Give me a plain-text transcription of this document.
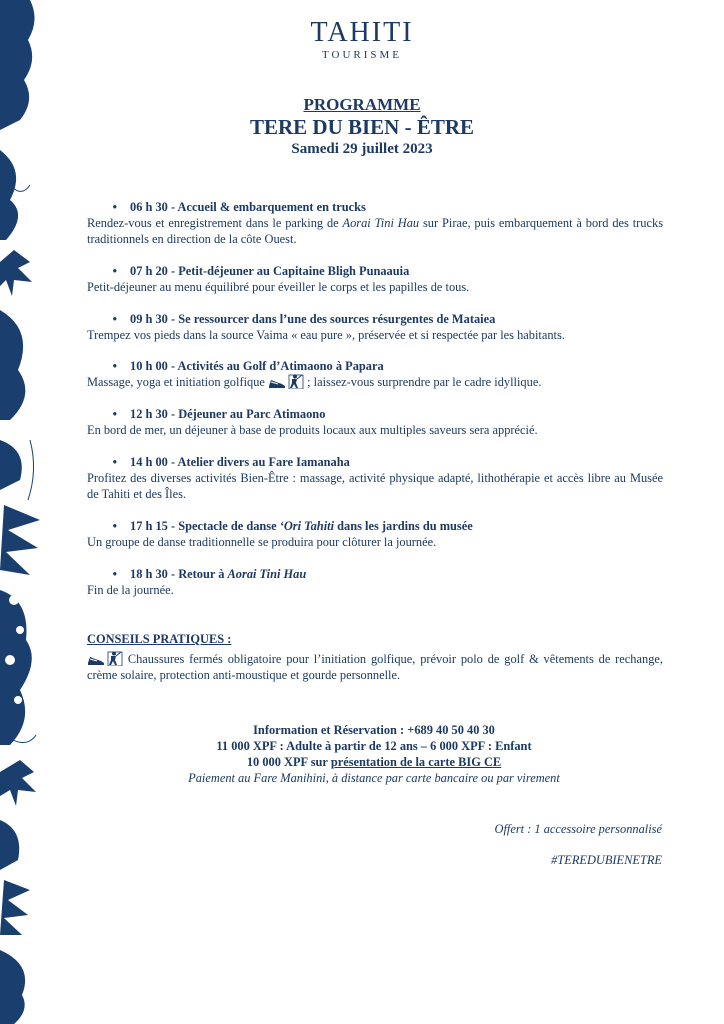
TAHITI
TOURISME
PROGRAMME
TERE DU BIEN - ÊTRE
Samedi 29 juillet 2023
• 06 h 30 - Accueil & embarquement en trucks
Rendez-vous et enregistrement dans le parking de Aorai Tini Hau sur Pirae, puis embarquement à bord des trucks traditionnels en direction de la côte Ouest.
• 07 h 20 - Petit-déjeuner au Capitaine Bligh Punaauia
Petit-déjeuner au menu équilibré pour éveiller le corps et les papilles de tous.
• 09 h 30 - Se ressourcer dans l’une des sources résurgentes de Mataiea
Trempez vos pieds dans la source Vaima « eau pure », préservée et si respectée par les habitants.
• 10 h 00 - Activités au Golf d’Atimaono à Papara
Massage, yoga et initiation golfique	; laissez-vous surprendre par le cadre idyllique.
• 12 h 30 - Déjeuner au Parc Atimaono
En bord de mer, un déjeuner à base de produits locaux aux multiples saveurs sera apprécié.
• 14 h 00 - Atelier divers au Fare Iamanaha
Profitez des diverses activités Bien-Être : massage, activité physique adapté, lithothérapie et accès libre au Musée de Tahiti et des Îles.
• 17 h 15 - Spectacle de danse ‘Ori Tahiti dans les jardins du musée
Un groupe de danse traditionnelle se produira pour clôturer la journée.
• 18 h 30 - Retour à Aorai Tini Hau
Fin de la journée.
CONSEILS PRATIQUES :
Chaussures fermés obligatoire pour l’initiation golfique, prévoir polo de golf & vêtements de rechange, crème solaire, protection anti-moustique et gourde personnelle.
Information et Réservation : +689 40 50 40 30
11 000 XPF : Adulte à partir de 12 ans – 6 000 XPF : Enfant
10 000 XPF sur présentation de la carte BIG CE
Paiement au Fare Manihini, à distance par carte bancaire ou par virement
Offert : 1 accessoire personnalisé
#TEREDUBIENETRE
